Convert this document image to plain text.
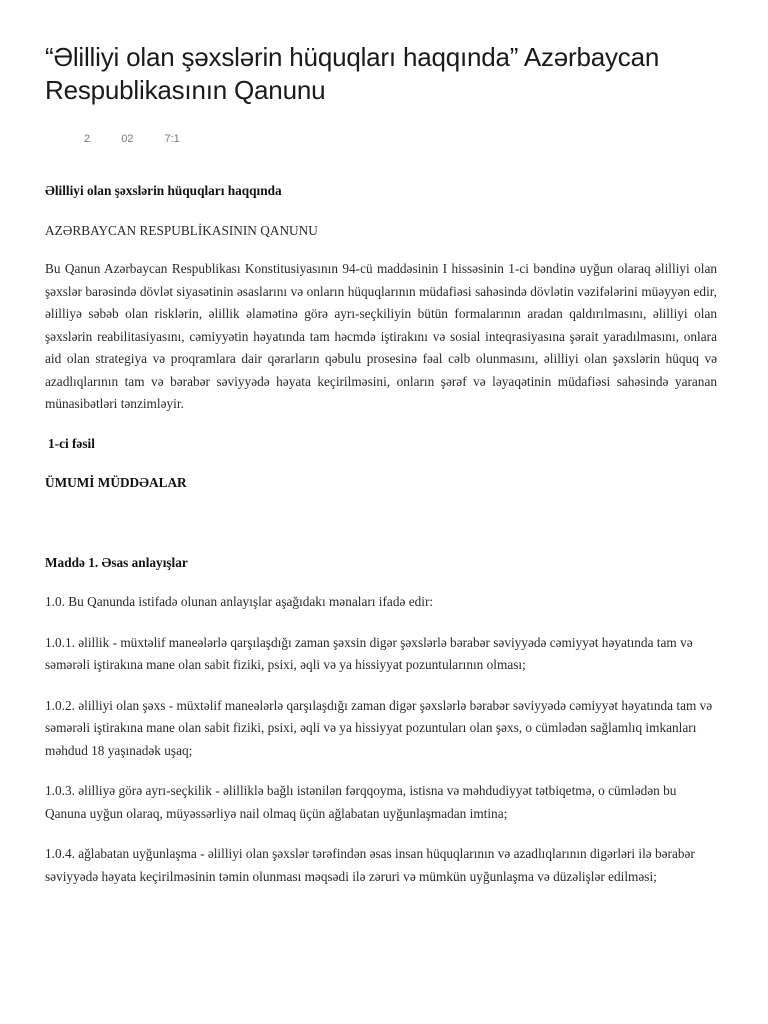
“Əlilliyi olan şəxslərin hüquqları haqqında” Azərbaycan Respublikasının Qanunu
2	02	7:1

Əlilliyi olan şəxslərin hüquqları haqqında

AZƏRBAYCAN RESPUBLİKASININ QANUNU

Bu Qanun Azərbaycan Respublikası Konstitusiyasının 94-cü maddəsinin I hissəsinin 1-ci bəndinə uyğun olaraq əlilliyi olan şəxslər barəsində dövlət siyasətinin əsaslarını və onların hüquqlarının müdafiəsi sahəsində dövlətin vəzifələrini müəyyən edir, əlilliyə səbəb olan risklərin, əlillik əlamətinə görə ayrı-seçkiliyin bütün formalarının aradan qaldırılmasını, əlilliyi olan şəxslərin reabilitasiyasını, cəmiyyətin həyatında tam həcmdə iştirakını və sosial inteqrasiyasına şərait yaradılmasını, onlara aid olan strategiya və proqramlara dair qərarların qəbulu prosesinə fəal cəlb olunmasını, əlilliyi olan şəxslərin hüquq və azadlıqlarının tam və bərabər səviyyədə həyata keçirilməsini, onların şərəf və ləyaqətinin müdafiəsi sahəsində yaranan münasibətləri tənzimləyir.

1-ci fəsil

ÜMUMİ MÜDDƏALAR

Maddə 1. Əsas anlayışlar

1.0. Bu Qanunda istifadə olunan anlayışlar aşağıdakı mənaları ifadə edir:

1.0.1. əlillik - müxtəlif maneələrlə qarşılaşdığı zaman şəxsin digər şəxslərlə bərabər səviyyədə cəmiyyət həyatında tam və səmərəli iştirakına mane olan sabit fiziki, psixi, əqli və ya hissiyyat pozuntularının olması;

1.0.2. əlilliyi olan şəxs - müxtəlif maneələrlə qarşılaşdığı zaman digər şəxslərlə bərabər səviyyədə cəmiyyət həyatında tam və səmərəli iştirakına mane olan sabit fiziki, psixi, əqli və ya hissiyyat pozuntuları olan şəxs, o cümlədən sağlamlıq imkanları məhdud 18 yaşınadək uşaq;

1.0.3. əlilliyə görə ayrı-seçkilik - əlilliklə bağlı istənilən fərqqoyma, istisna və məhdudiyyət tətbiqetmə, o cümlədən bu Qanuna uyğun olaraq, müyəssərliyə nail olmaq üçün ağlabatan uyğunlaşmadan imtina;

1.0.4. ağlabatan uyğunlaşma - əlilliyi olan şəxslər tərəfindən əsas insan hüquqlarının və azadlıqlarının digərləri ilə bərabər səviyyədə həyata keçirilməsinin təmin olunması məqsədi ilə zəruri və mümkün uyğunlaşma və düzəlişlər edilməsi;
